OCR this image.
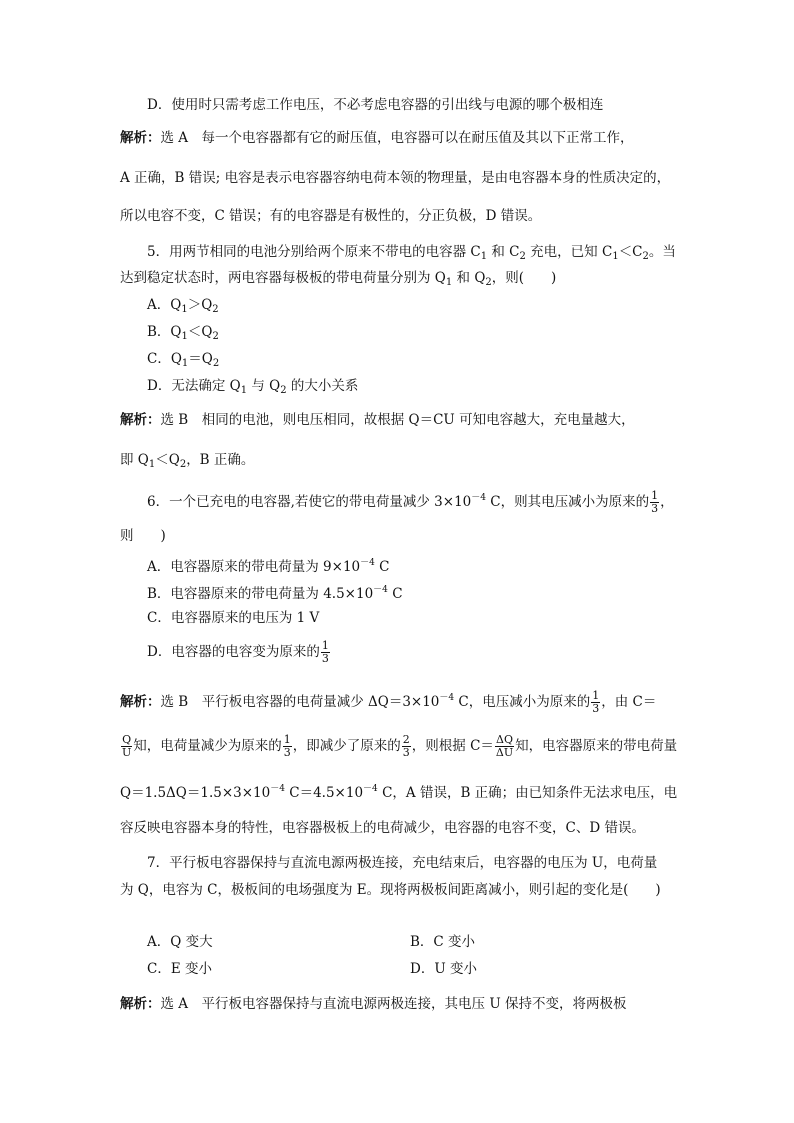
D．使用时只需考虑工作电压，不必考虑电容器的引出线与电源的哪个极相连
解析：选 A　每一个电容器都有它的耐压值，电容器可以在耐压值及其以下正常工作，
A 正确，B 错误; 电容是表示电容器容纳电荷本领的物理量，是由电容器本身的性质决定的，
所以电容不变，C 错误；有的电容器是有极性的，分正负极，D 错误。
5．用两节相同的电池分别给两个原来不带电的电容器 $C_1$ 和 $C_2$ 充电，已知 $C_1<C_2$。当
达到稳定状态时，两电容器每极板的带电荷量分别为 $Q_1$ 和 $Q_2$，则(　　)
A．$Q_1>Q_2$
B．$Q_1<Q_2$
C．$Q_1=Q_2$
D．无法确定 $Q_1$ 与 $Q_2$ 的大小关系
解析：选 B　相同的电池，则电压相同，故根据 Q＝CU 可知电容越大，充电量越大，
即 $Q_1<Q_2$，B 正确。
6．一个已充电的电容器,若使它的带电荷量减少 $3\times 10^{-4}$ C，则其电压减小为原来的 $\frac{1}{3}$ ，
则　　)
A．电容器原来的带电荷量为 $9\times 10^{-4}$ C
B．电容器原来的带电荷量为 $4.5\times 10^{-4}$ C
C．电容器原来的电压为 1 V
D．电容器的电容变为原来的 $\frac{1}{3}$
解析：选 B　平行板电容器的电荷量减少 $\Delta Q=3\times 10^{-4}$ C，电压减小为原来的 $\frac{1}{3}$ ，由 C＝
$\frac{Q}{U}$ 知，电荷量减少为原来的 $\frac{1}{3}$ ，即减少了原来的 $\frac{2}{3}$ ，则根据 $C= \frac{\Delta Q}{\Delta U}$ 知，电容器原来的带电荷量
$Q=1.5\Delta Q=1.5\times 3\times 10^{-4}$ $C=4.5\times 10^{-4}$ C，A 错误，B 正确；由已知条件无法求电压，电
容反映电容器本身的特性，电容器极板上的电荷减少，电容器的电容不变，C、D 错误。
7．平行板电容器保持与直流电源两极连接，充电结束后，电容器的电压为 U，电荷量
为 Q，电容为 C，极板间的电场强度为 E。现将两极板间距离减小，则引起的变化是(　　)
A．Q 变大	B．C 变小
C．E 变小	D．U 变小
解析：选 A　平行板电容器保持与直流电源两极连接，其电压 U 保持不变，将两极板
